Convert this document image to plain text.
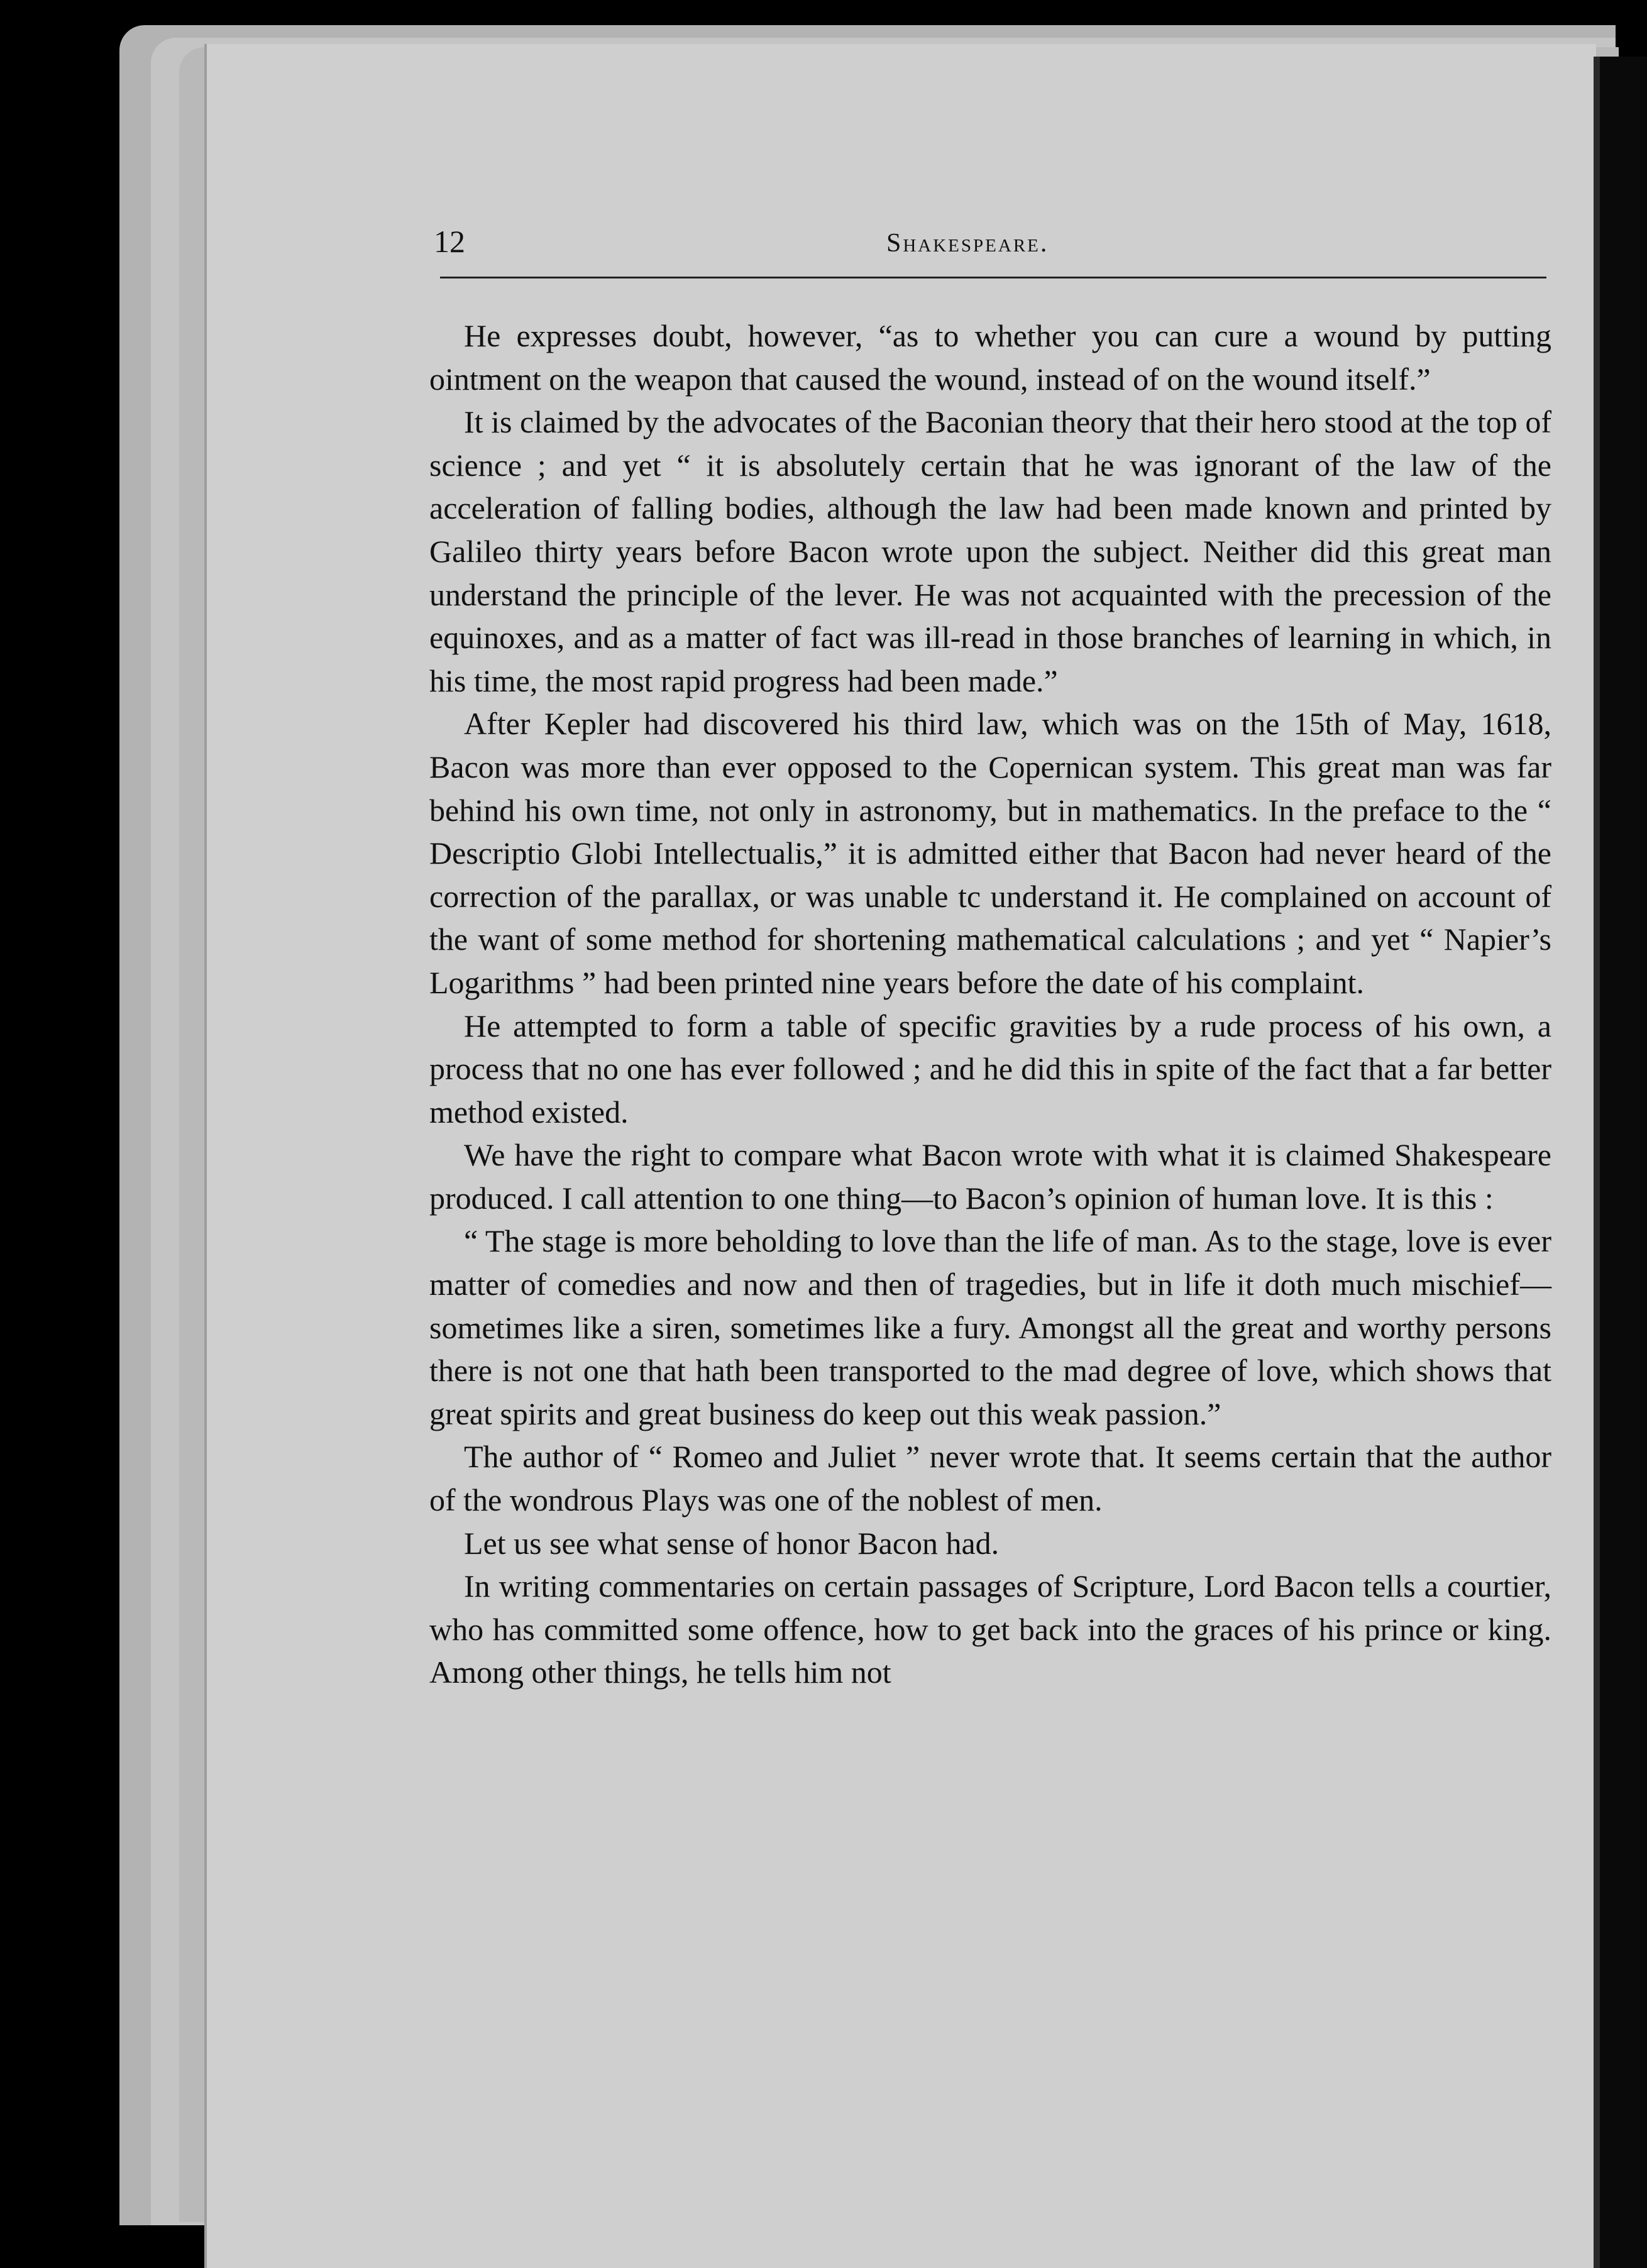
12	Shakespeare.

He expresses doubt, however, “as to whether you can cure a wound by putting ointment on the weapon that caused the wound, instead of on the wound itself.”

It is claimed by the advocates of the Baconian theory that their hero stood at the top of science ; and yet “ it is absolutely certain that he was ignorant of the law of the acceleration of falling bodies, although the law had been made known and printed by Galileo thirty years before Bacon wrote upon the subject. Neither did this great man understand the principle of the lever. He was not acquainted with the precession of the equinoxes, and as a matter of fact was ill-read in those branches of learning in which, in his time, the most rapid progress had been made.”

After Kepler had discovered his third law, which was on the 15th of May, 1618, Bacon was more than ever opposed to the Copernican system. This great man was far behind his own time, not only in astronomy, but in mathematics. In the preface to the “ Descriptio Globi Intellectualis,” it is admitted either that Bacon had never heard of the correction of the parallax, or was unable tc understand it. He complained on account of the want of some method for shortening mathematical calculations ; and yet “ Napier’s Logarithms ” had been printed nine years before the date of his complaint.

He attempted to form a table of specific gravities by a rude process of his own, a process that no one has ever followed ; and he did this in spite of the fact that a far better method existed.

We have the right to compare what Bacon wrote with what it is claimed Shakespeare produced. I call attention to one thing—to Bacon’s opinion of human love. It is this :

“ The stage is more beholding to love than the life of man. As to the stage, love is ever matter of comedies and now and then of tragedies, but in life it doth much mischief—sometimes like a siren, sometimes like a fury. Amongst all the great and worthy persons there is not one that hath been transported to the mad degree of love, which shows that great spirits and great business do keep out this weak passion.”

The author of “ Romeo and Juliet ” never wrote that. It seems certain that the author of the wondrous Plays was one of the noblest of men.

Let us see what sense of honor Bacon had.

In writing commentaries on certain passages of Scripture, Lord Bacon tells a courtier, who has committed some offence, how to get back into the graces of his prince or king. Among other things, he tells him not
